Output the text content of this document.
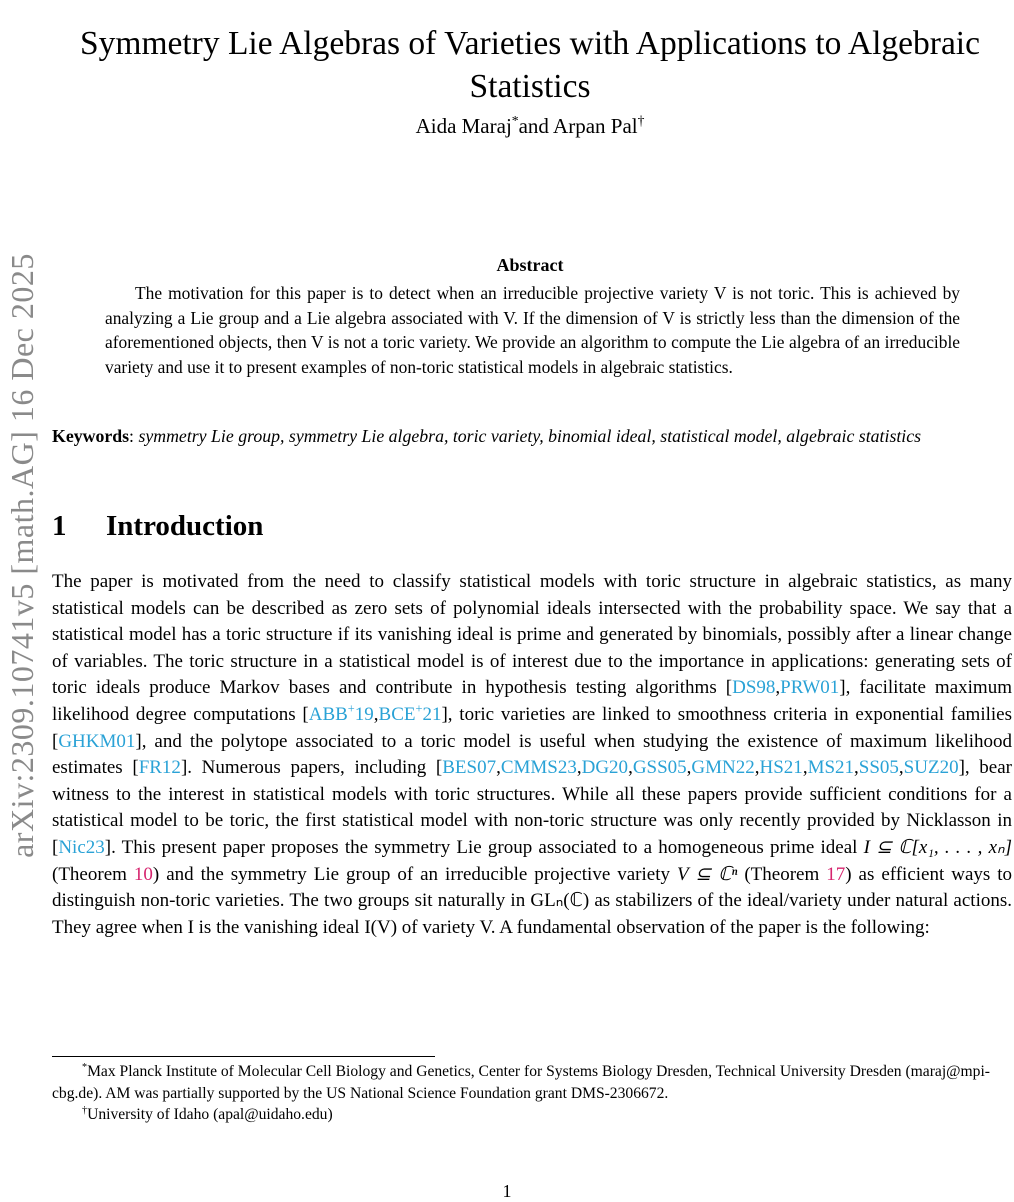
arXiv:2309.10741v5 [math.AG] 16 Dec 2025
Symmetry Lie Algebras of Varieties with Applications to Algebraic Statistics
Aida Maraj*and Arpan Pal†
Abstract

The motivation for this paper is to detect when an irreducible projective variety V is not toric. This is achieved by analyzing a Lie group and a Lie algebra associated with V. If the dimension of V is strictly less than the dimension of the aforementioned objects, then V is not a toric variety. We provide an algorithm to compute the Lie algebra of an irreducible variety and use it to present examples of non-toric statistical models in algebraic statistics.

Keywords: symmetry Lie group, symmetry Lie algebra, toric variety, binomial ideal, statistical model, algebraic statistics
1 Introduction

The paper is motivated from the need to classify statistical models with toric structure in algebraic statistics, as many statistical models can be described as zero sets of polynomial ideals intersected with the probability space. We say that a statistical model has a toric structure if its vanishing ideal is prime and generated by binomials, possibly after a linear change of variables. The toric structure in a statistical model is of interest due to the importance in applications: generating sets of toric ideals produce Markov bases and contribute in hypothesis testing algorithms [DS98,PRW01], facilitate maximum likelihood degree computations [ABB+19,BCE+21], toric varieties are linked to smoothness criteria in exponential families [GHKM01], and the polytope associated to a toric model is useful when studying the existence of maximum likelihood estimates [FR12]. Numerous papers, including [BES07,CMMS23,DG20,GSS05,GMN22,HS21,MS21,SS05,SUZ20], bear witness to the interest in statistical models with toric structures. While all these papers provide sufficient conditions for a statistical model to be toric, the first statistical model with non-toric structure was only recently provided by Nicklasson in [Nic23]. This present paper proposes the symmetry Lie group associated to a homogeneous prime ideal I ⊆ ℂ[x₁, . . . , xₙ] (Theorem 10) and the symmetry Lie group of an irreducible projective variety V ⊆ ℂⁿ (Theorem 17) as efficient ways to distinguish non-toric varieties. The two groups sit naturally in GLₙ(ℂ) as stabilizers of the ideal/variety under natural actions. They agree when I is the vanishing ideal I(V) of variety V. A fundamental observation of the paper is the following:

*Max Planck Institute of Molecular Cell Biology and Genetics, Center for Systems Biology Dresden, Technical University Dresden (maraj@mpi-cbg.de). AM was partially supported by the US National Science Foundation grant DMS-2306672.

†University of Idaho (apal@uidaho.edu)

1
